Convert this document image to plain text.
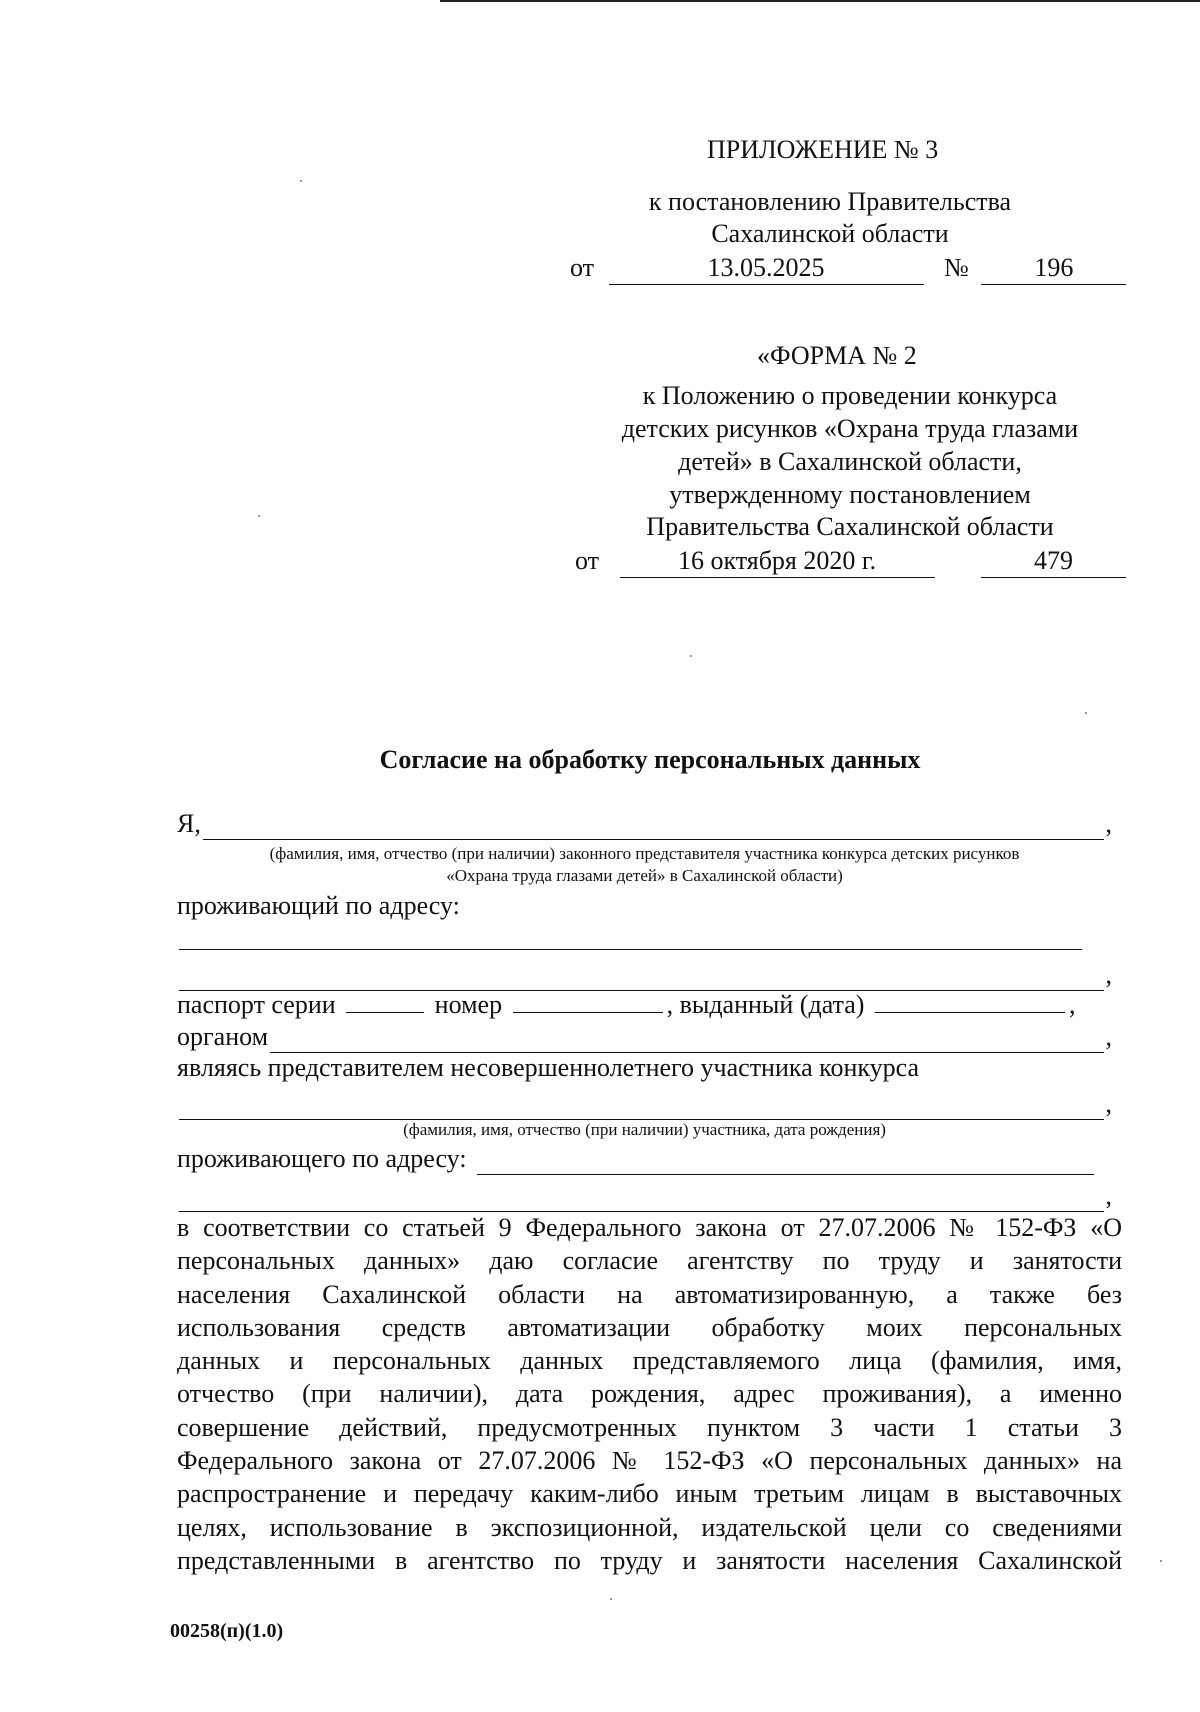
ПРИЛОЖЕНИЕ № 3
к постановлению Правительства
Сахалинской области
от	13.05.2025	№	196
«ФОРМА № 2
к Положению о проведении конкурса
детских рисунков «Охрана труда глазами
детей» в Сахалинской области,
утвержденному постановлением
Правительства Сахалинской области
от	16 октября 2020 г.	479
Согласие на обработку персональных данных
Я,	,
(фамилия, имя, отчество (при наличии) законного представителя участника конкурса детских рисунков
«Охрана труда глазами детей» в Сахалинской области)
проживающий по адресу:
,
паспорт серии	номер	, выданный (дата)	,
органом	,
являясь представителем несовершеннолетнего участника конкурса
,
(фамилия, имя, отчество (при наличии) участника, дата рождения)
проживающего по адресу:
,
в соответствии со статьей 9 Федерального закона от 27.07.2006 № 152-ФЗ «О
персональных данных» даю согласие агентству по труду и занятости
населения Сахалинской области на автоматизированную, а также без
использования средств автоматизации обработку моих персональных
данных и персональных данных представляемого лица (фамилия, имя,
отчество (при наличии), дата рождения, адрес проживания), а именно
совершение действий, предусмотренных пунктом 3 части 1 статьи 3
Федерального закона от 27.07.2006 № 152-ФЗ «О персональных данных» на
распространение и передачу каким-либо иным третьим лицам в выставочных
целях, использование в экспозиционной, издательской цели со сведениями
представленными в агентство по труду и занятости населения Сахалинской
00258(п)(1.0)
